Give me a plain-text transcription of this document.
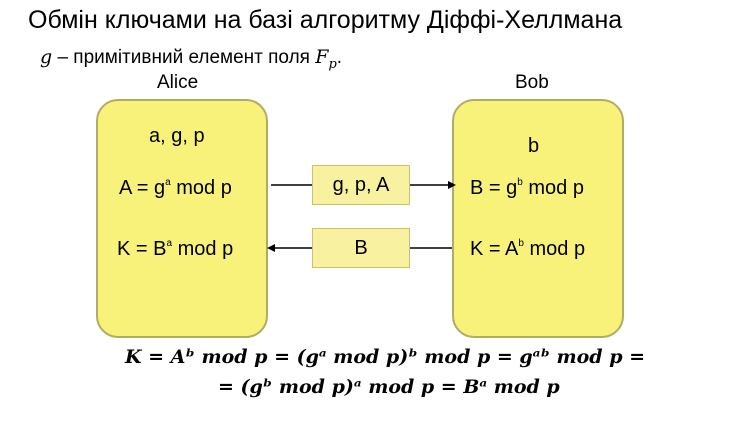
Обмін ключами на базі алгоритму Діффі-Хеллмана
g – примітивний елемент поля $F_p$.
Alice
a, g, p
$A = g^a$ mod p
$K = B^a$ mod p
Bob
b
$B = g^b$ mod p
$K = A^b$ mod p
g, p, A
B
K = Aᵇ mod p = (gᵃ mod p)ᵇ mod p = gᵃᵇ mod p =
= (gᵇ mod p)ᵃ mod p = Bᵃ mod p
